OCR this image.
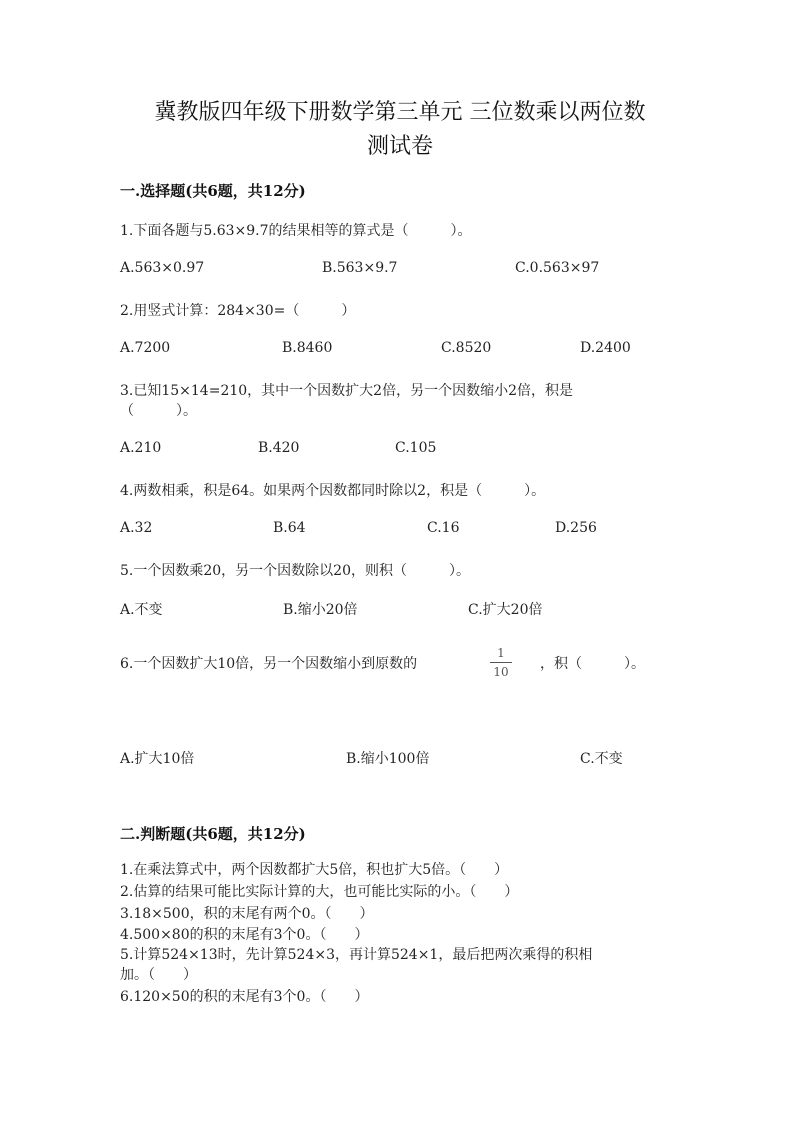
冀教版四年级下册数学第三单元 三位数乘以两位数
测试卷
一.选择题(共6题，共12分)
1.下面各题与5.63×9.7的结果相等的算式是（　　　）。
A.563×0.97	B.563×9.7	C.0.563×97
2.用竖式计算：284×30=（　　　）
A.7200	B.8460	C.8520	D.2400
3.已知15×14=210，其中一个因数扩大2倍，另一个因数缩小2倍，积是
（　　　）。
A.210	B.420	C.105
4.两数相乘，积是64。如果两个因数都同时除以2，积是（　　　）。
A.32	B.64	C.16	D.256
5.一个因数乘20，另一个因数除以20，则积（　　　）。
A.不变	B.缩小20倍	C.扩大20倍
6.一个因数扩大10倍，另一个因数缩小到原数的
1
10 ，积（　　　）。
A.扩大10倍	B.缩小100倍	C.不变
二.判断题(共6题，共12分)
1.在乘法算式中，两个因数都扩大5倍，积也扩大5倍。（　　）
2.估算的结果可能比实际计算的大，也可能比实际的小。（　　）
3.18×500，积的末尾有两个0。（　　）
4.500×80的积的末尾有3个0。（　　）
5.计算524×13时，先计算524×3，再计算524×1，最后把两次乘得的积相
加。（　　）
6.120×50的积的末尾有3个0。（　　）
